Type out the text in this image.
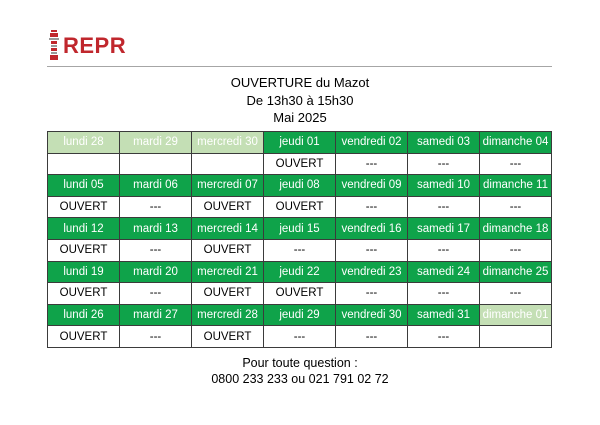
REPR
OUVERTURE du Mazot
De 13h30 à 15h30
Mai 2025
lundi 28	mardi 29	mercredi 30	jeudi 01	vendredi 02	samedi 03	dimanche 04
			OUVERT	---	---	---
lundi 05	mardi 06	mercredi 07	jeudi 08	vendredi 09	samedi 10	dimanche 11
OUVERT	---	OUVERT	OUVERT	---	---	---
lundi 12	mardi 13	mercredi 14	jeudi 15	vendredi 16	samedi 17	dimanche 18
OUVERT	---	OUVERT	---	---	---	---
lundi 19	mardi 20	mercredi 21	jeudi 22	vendredi 23	samedi 24	dimanche 25
OUVERT	---	OUVERT	OUVERT	---	---	---
lundi 26	mardi 27	mercredi 28	jeudi 29	vendredi 30	samedi 31	dimanche 01
OUVERT	---	OUVERT	---	---	---	
Pour toute question :
0800 233 233 ou 021 791 02 72
